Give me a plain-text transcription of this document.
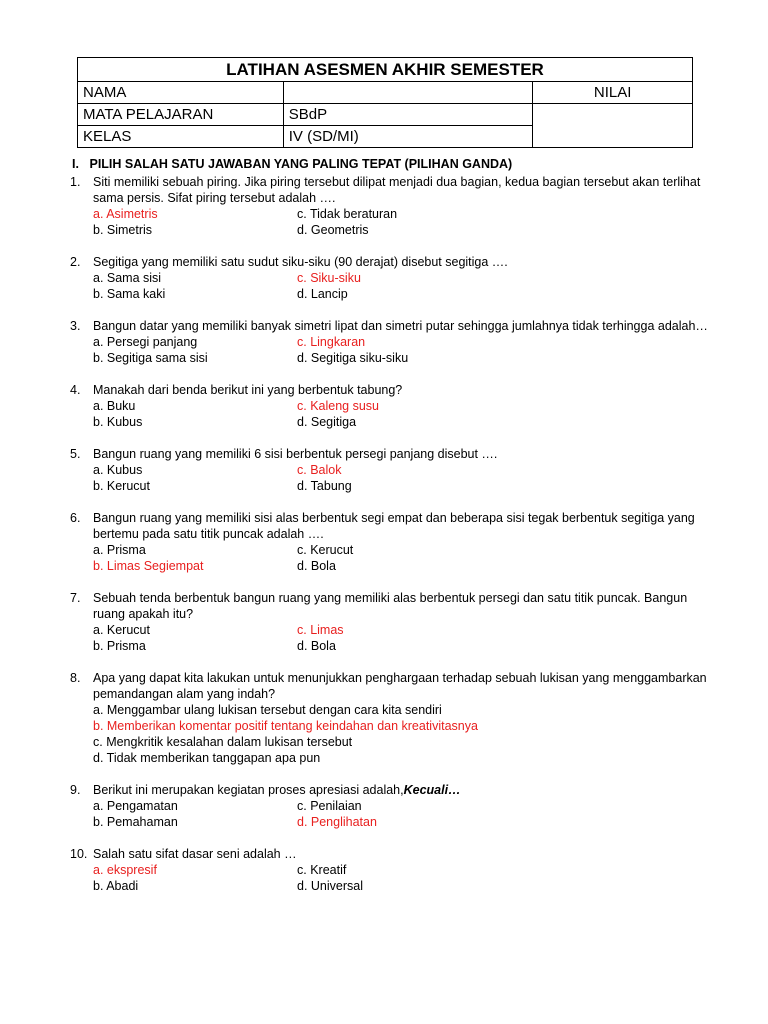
LATIHAN ASESMEN AKHIR SEMESTER		
NAMA		NILAI
MATA PELAJARAN	SBdP	
KELAS	IV (SD/MI)	
I. PILIH SALAH SATU JAWABAN YANG PALING TEPAT (PILIHAN GANDA)
1.	Siti memiliki sebuah piring. Jika piring tersebut dilipat menjadi dua bagian, kedua bagian tersebut akan terlihat sama persis. Sifat piring tersebut adalah ….
a. Asimetris	c. Tidak beraturan
b. Simetris	d. Geometris
2.	Segitiga yang memiliki satu sudut siku-siku (90 derajat) disebut segitiga ….
a. Sama sisi	c. Siku-siku
b. Sama kaki	d. Lancip
3.	Bangun datar yang memiliki banyak simetri lipat dan simetri putar sehingga jumlahnya tidak terhingga adalah…
a. Persegi panjang	c. Lingkaran
b. Segitiga sama sisi	d. Segitiga siku-siku
4.	Manakah dari benda berikut ini yang berbentuk tabung?
a. Buku	c. Kaleng susu
b. Kubus	d. Segitiga
5.	Bangun ruang yang memiliki 6 sisi berbentuk persegi panjang disebut ….
a. Kubus	c. Balok
b. Kerucut	d. Tabung
6.	Bangun ruang yang memiliki sisi alas berbentuk segi empat dan beberapa sisi tegak berbentuk segitiga yang bertemu pada satu titik puncak adalah ….
a. Prisma	c. Kerucut
b. Limas Segiempat	d. Bola
7.	Sebuah tenda berbentuk bangun ruang yang memiliki alas berbentuk persegi dan satu titik puncak. Bangun ruang apakah itu?
a. Kerucut	c. Limas
b. Prisma	d. Bola
8.	Apa yang dapat kita lakukan untuk menunjukkan penghargaan terhadap sebuah lukisan yang menggambarkan pemandangan alam yang indah?
a. Menggambar ulang lukisan tersebut dengan cara kita sendiri
b. Memberikan komentar positif tentang keindahan dan kreativitasnya
c. Mengkritik kesalahan dalam lukisan tersebut
d. Tidak memberikan tanggapan apa pun
9.	Berikut ini merupakan kegiatan proses apresiasi adalah,Kecuali…
a. Pengamatan	c. Penilaian
b. Pemahaman	d. Penglihatan
10. Salah satu sifat dasar seni adalah …
a. ekspresif	c. Kreatif
b. Abadi	d. Universal
